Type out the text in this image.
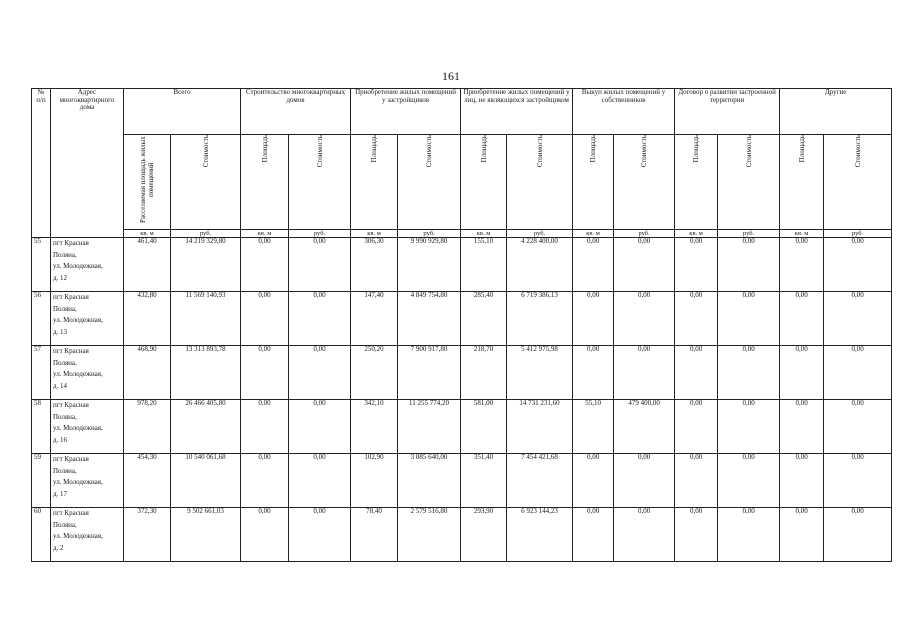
161
№ п/п	Адрес многоквартирного дома	Всего		Строительство многоквартирных домов		Приобретение жилых помещений у застройщиков		Приобретение жилых помещений у лиц, не являющихся застройщиком		Выкуп жилых помещений у собственников		Договор о развитии застроенной территории		Другие	
		Расселяемая площадь жилых помещений	Стоимость	Площадь	Стоимость	Площадь	Стоимость	Площадь	Стоимость	Площадь	Стоимость	Площадь	Стоимость	Площадь	Стоимость
		кв. м	руб.	кв. м	руб.	кв. м	руб.	кв. м	руб.	кв. м	руб.	кв. м	руб.	кв. м	руб.
55	пгт Красная
Поляна,
ул. Молодежная,
д. 12	461,40	14 219 329,80	0,00	0,00	306,30	9 990 929,80	155,10	4 228 400,00	0,00	0,00	0,00	0,00	0,00	0,00
56	пгт Красная
Поляна,
ул. Молодежная,
д. 13	432,80	11 569 140,93	0,00	0,00	147,40	4 849 754,80	285,40	6 719 386,13	0,00	0,00	0,00	0,00	0,00	0,00
57	пгт Красная
Поляна,
ул. Молодежная,
д. 14	468,90	13 313 893,78	0,00	0,00	250,20	7 900 917,80	218,70	5 412 975,98	0,00	0,00	0,00	0,00	0,00	0,00
58	пгт Красная
Поляна,
ул. Молодежная,
д. 16	978,20	26 466 405,80	0,00	0,00	342,10	11 255 774,20	581,00	14 731 231,60	55,10	479 400,00	0,00	0,00	0,00	0,00
59	пгт Красная
Поляна,
ул. Молодежная,
д. 17	454,30	10 540 061,68	0,00	0,00	102,90	3 085 640,00	351,40	7 454 421,68	0,00	0,00	0,00	0,00	0,00	0,00
60	пгт Красная
Поляна,
ул. Молодежная,
д. 2	372,30	9 502 661,03	0,00	0,00	78,40	2 579 516,80	293,90	6 923 144,23	0,00	0,00	0,00	0,00	0,00	0,00
